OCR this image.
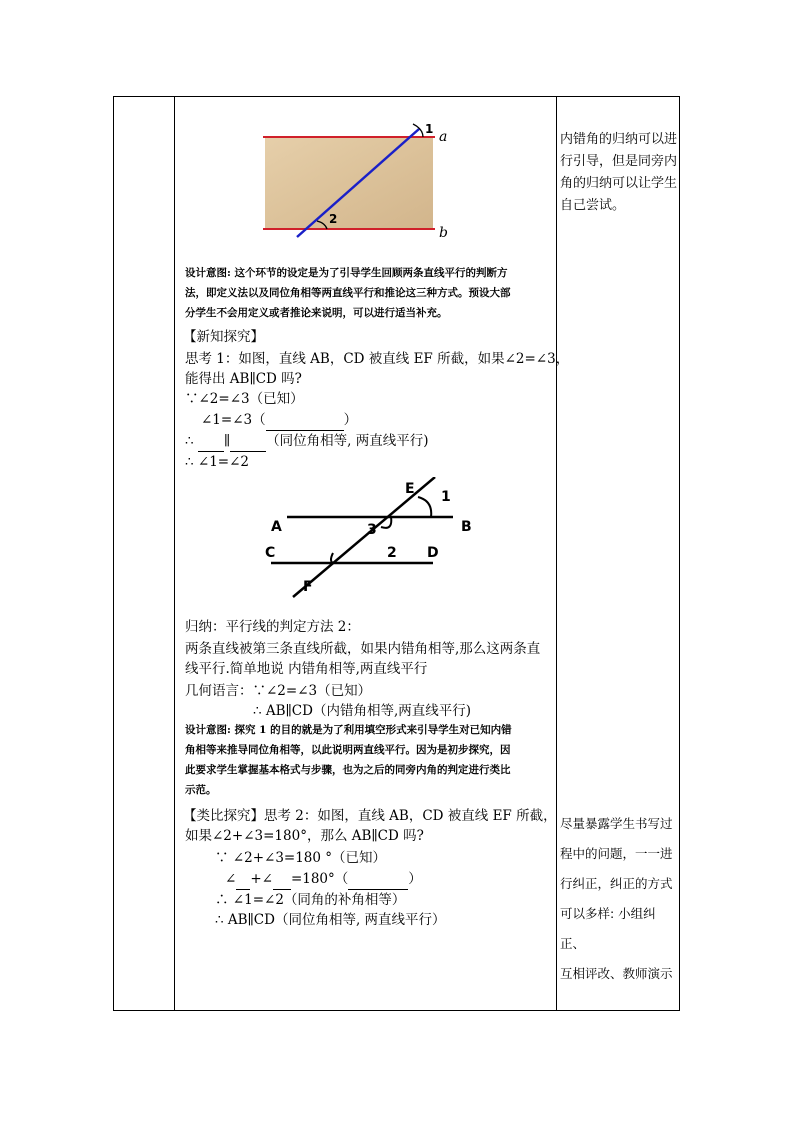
1
2
a
b
设计意图: 这个环节的设定是为了引导学生回顾两条直线平行的判断方
法，即定义法以及同位角相等两直线平行和推论这三种方式。预设大部
分学生不会用定义或者推论来说明，可以进行适当补充。
【新知探究】
思考 1：如图，直线 AB，CD 被直线 EF 所截，如果∠2=∠3，
能得出 AB∥CD 吗?
∵∠2=∠3（已知）
∠1=∠3（	）
∴ ∥	（同位角相等, 两直线平行)
∴ ∠1=∠2
E 1
A	3	B
C	2 D
F
归纳：平行线的判定方法 2：
两条直线被第三条直线所截，如果内错角相等,那么这两条直
线平行.简单地说 内错角相等,两直线平行
几何语言：∵∠2=∠3（已知）
∴ AB∥CD（内错角相等,两直线平行)
设计意图: 探究 1 的目的就是为了利用填空形式来引导学生对已知内错
角相等来推导同位角相等，以此说明两直线平行。因为是初步探究，因
此要求学生掌握基本格式与步骤，也为之后的同旁内角的判定进行类比
示范。
【类比探究】思考 2：如图，直线 AB，CD 被直线 EF 所截，
如果∠2+∠3=180°，那么 AB∥CD 吗?
∵ ∠2+∠3=180 °（已知）
∠ +∠ =180°（	）
∴ ∠1=∠2（同角的补角相等）
∴ AB∥CD（同位角相等, 两直线平行）
内错角的归纳可以进
行引导，但是同旁内
角的归纳可以让学生
自己尝试。
尽量暴露学生书写过
程中的问题，一一进
行纠正，纠正的方式
可以多样: 小组纠正、
互相评改、教师演示
